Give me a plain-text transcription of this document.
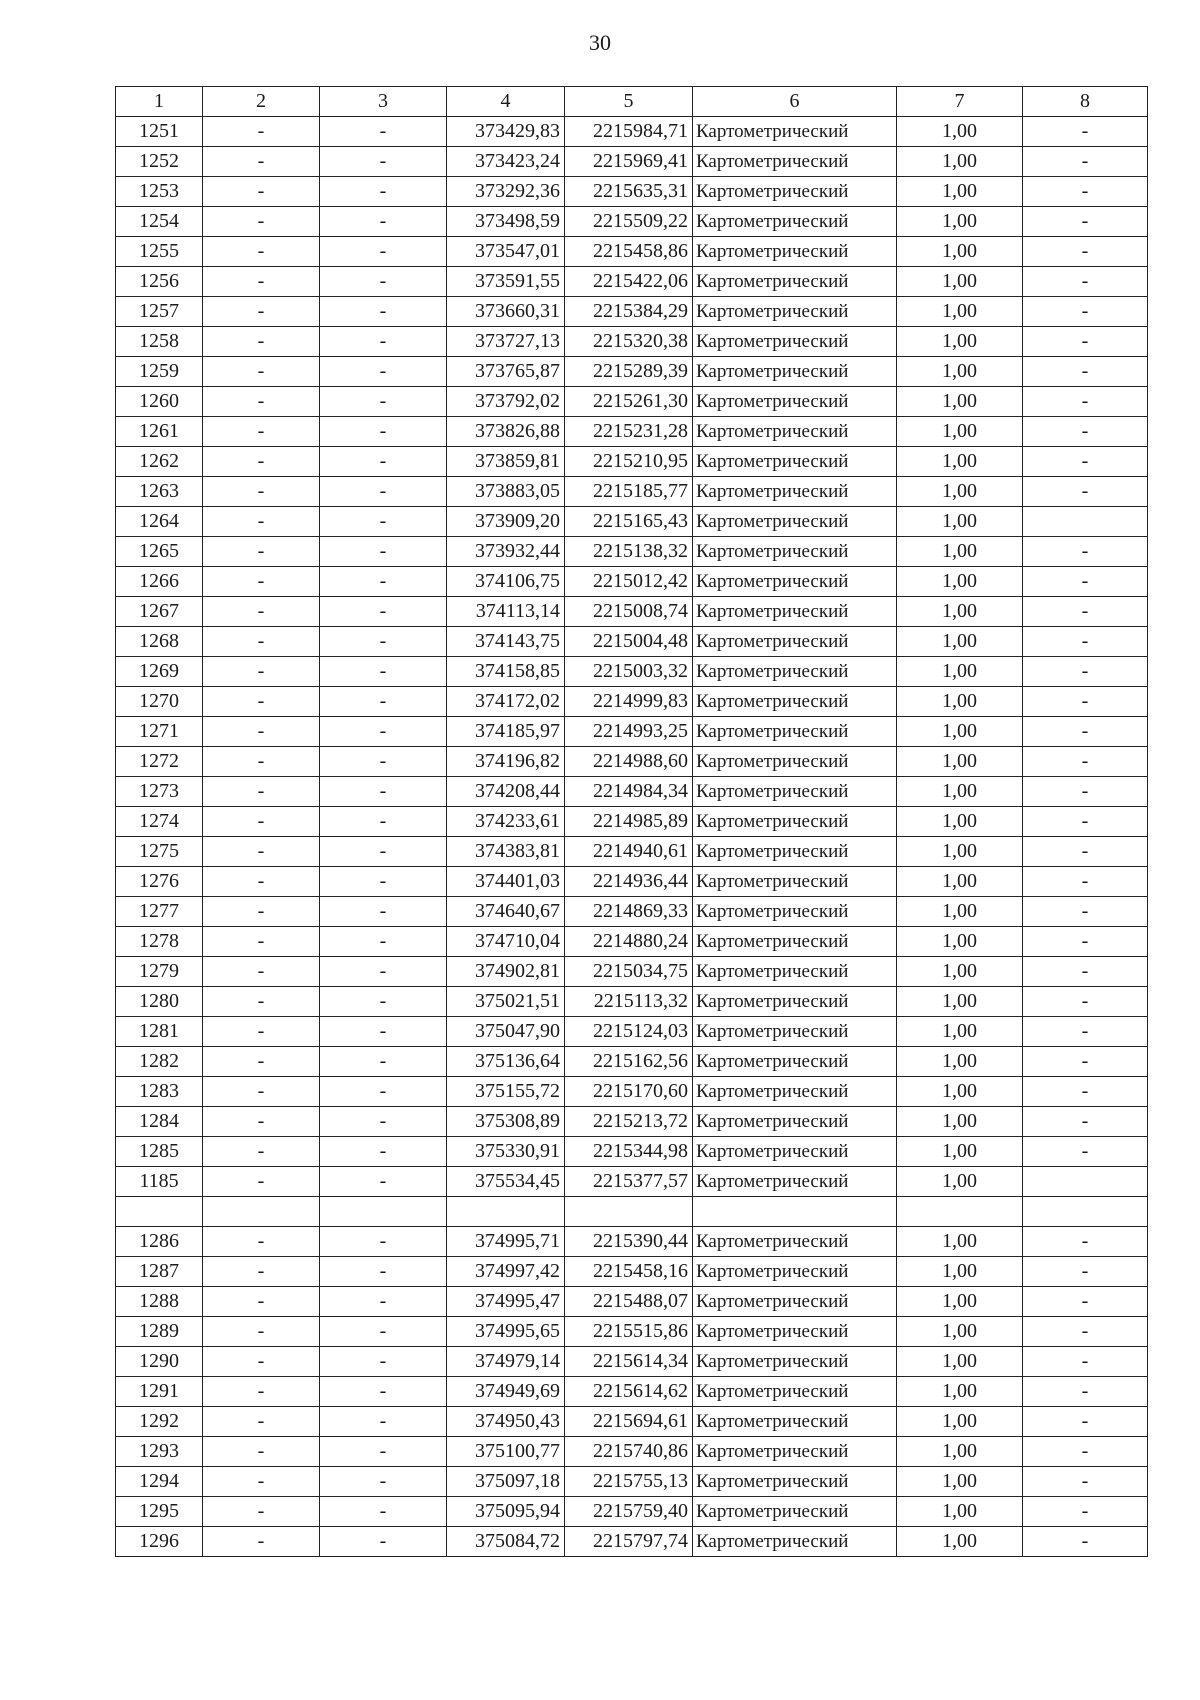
30
1	2	3	4	5	6	7	8
1251	-	-	373429,83	2215984,71	Картометрический	1,00	-
1252	-	-	373423,24	2215969,41	Картометрический	1,00	-
1253	-	-	373292,36	2215635,31	Картометрический	1,00	-
1254	-	-	373498,59	2215509,22	Картометрический	1,00	-
1255	-	-	373547,01	2215458,86	Картометрический	1,00	-
1256	-	-	373591,55	2215422,06	Картометрический	1,00	-
1257	-	-	373660,31	2215384,29	Картометрический	1,00	-
1258	-	-	373727,13	2215320,38	Картометрический	1,00	-
1259	-	-	373765,87	2215289,39	Картометрический	1,00	-
1260	-	-	373792,02	2215261,30	Картометрический	1,00	-
1261	-	-	373826,88	2215231,28	Картометрический	1,00	-
1262	-	-	373859,81	2215210,95	Картометрический	1,00	-
1263	-	-	373883,05	2215185,77	Картометрический	1,00	-
1264	-	-	373909,20	2215165,43	Картометрический	1,00	
1265	-	-	373932,44	2215138,32	Картометрический	1,00	-
1266	-	-	374106,75	2215012,42	Картометрический	1,00	-
1267	-	-	374113,14	2215008,74	Картометрический	1,00	-
1268	-	-	374143,75	2215004,48	Картометрический	1,00	-
1269	-	-	374158,85	2215003,32	Картометрический	1,00	-
1270	-	-	374172,02	2214999,83	Картометрический	1,00	-
1271	-	-	374185,97	2214993,25	Картометрический	1,00	-
1272	-	-	374196,82	2214988,60	Картометрический	1,00	-
1273	-	-	374208,44	2214984,34	Картометрический	1,00	-
1274	-	-	374233,61	2214985,89	Картометрический	1,00	-
1275	-	-	374383,81	2214940,61	Картометрический	1,00	-
1276	-	-	374401,03	2214936,44	Картометрический	1,00	-
1277	-	-	374640,67	2214869,33	Картометрический	1,00	-
1278	-	-	374710,04	2214880,24	Картометрический	1,00	-
1279	-	-	374902,81	2215034,75	Картометрический	1,00	-
1280	-	-	375021,51	2215113,32	Картометрический	1,00	-
1281	-	-	375047,90	2215124,03	Картометрический	1,00	-
1282	-	-	375136,64	2215162,56	Картометрический	1,00	-
1283	-	-	375155,72	2215170,60	Картометрический	1,00	-
1284	-	-	375308,89	2215213,72	Картометрический	1,00	-
1285	-	-	375330,91	2215344,98	Картометрический	1,00	-
1185	-	-	375534,45	2215377,57	Картометрический	1,00	

1286	-	-	374995,71	2215390,44	Картометрический	1,00	-
1287	-	-	374997,42	2215458,16	Картометрический	1,00	-
1288	-	-	374995,47	2215488,07	Картометрический	1,00	-
1289	-	-	374995,65	2215515,86	Картометрический	1,00	-
1290	-	-	374979,14	2215614,34	Картометрический	1,00	-
1291	-	-	374949,69	2215614,62	Картометрический	1,00	-
1292	-	-	374950,43	2215694,61	Картометрический	1,00	-
1293	-	-	375100,77	2215740,86	Картометрический	1,00	-
1294	-	-	375097,18	2215755,13	Картометрический	1,00	-
1295	-	-	375095,94	2215759,40	Картометрический	1,00	-
1296	-	-	375084,72	2215797,74	Картометрический	1,00	-
